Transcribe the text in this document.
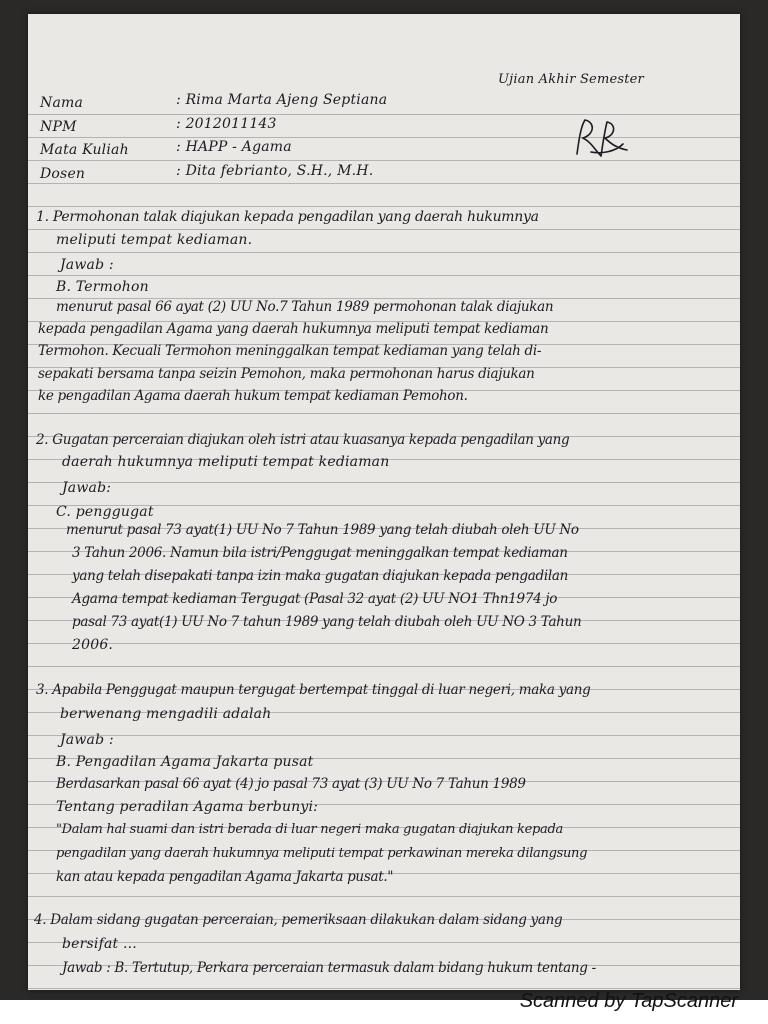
Ujian Akhir Semester
Nama	: Rima Marta Ajeng Septiana
NPM	: 2012011143
Mata Kuliah	: HAPP - Agama
Dosen	: Dita febrianto, S.H., M.H.
1. Permohonan talak diajukan kepada pengadilan yang daerah hukumnya
meliputi tempat kediaman.
Jawab :
B. Termohon
menurut pasal 66 ayat (2) UU No.7 Tahun 1989 permohonan talak diajukan
kepada pengadilan Agama yang daerah hukumnya meliputi tempat kediaman
Termohon. Kecuali Termohon meninggalkan tempat kediaman yang telah di-
sepakati bersama tanpa seizin Pemohon, maka permohonan harus diajukan
ke pengadilan Agama daerah hukum tempat kediaman Pemohon.
2. Gugatan perceraian diajukan oleh istri atau kuasanya kepada pengadilan yang
daerah hukumnya meliputi tempat kediaman
Jawab:
C. penggugat
menurut pasal 73 ayat(1) UU No 7 Tahun 1989 yang telah diubah oleh UU No
3 Tahun 2006. Namun bila istri/Penggugat meninggalkan tempat kediaman
yang telah disepakati tanpa izin maka gugatan diajukan kepada pengadilan
Agama tempat kediaman Tergugat (Pasal 32 ayat (2) UU NO1 Thn1974 jo
pasal 73 ayat(1) UU No 7 tahun 1989 yang telah diubah oleh UU NO 3 Tahun
2006.
3. Apabila Penggugat maupun tergugat bertempat tinggal di luar negeri, maka yang
berwenang mengadili adalah
Jawab :
B. Pengadilan Agama Jakarta pusat
Berdasarkan pasal 66 ayat (4) jo pasal 73 ayat (3) UU No 7 Tahun 1989
Tentang peradilan Agama berbunyi:
"Dalam hal suami dan istri berada di luar negeri maka gugatan diajukan kepada
pengadilan yang daerah hukumnya meliputi tempat perkawinan mereka dilangsung
kan atau kepada pengadilan Agama Jakarta pusat."
4. Dalam sidang gugatan perceraian, pemeriksaan dilakukan dalam sidang yang
bersifat ...
Jawab : B. Tertutup, Perkara perceraian termasuk dalam bidang hukum tentang -
Scanned by TapScanner
